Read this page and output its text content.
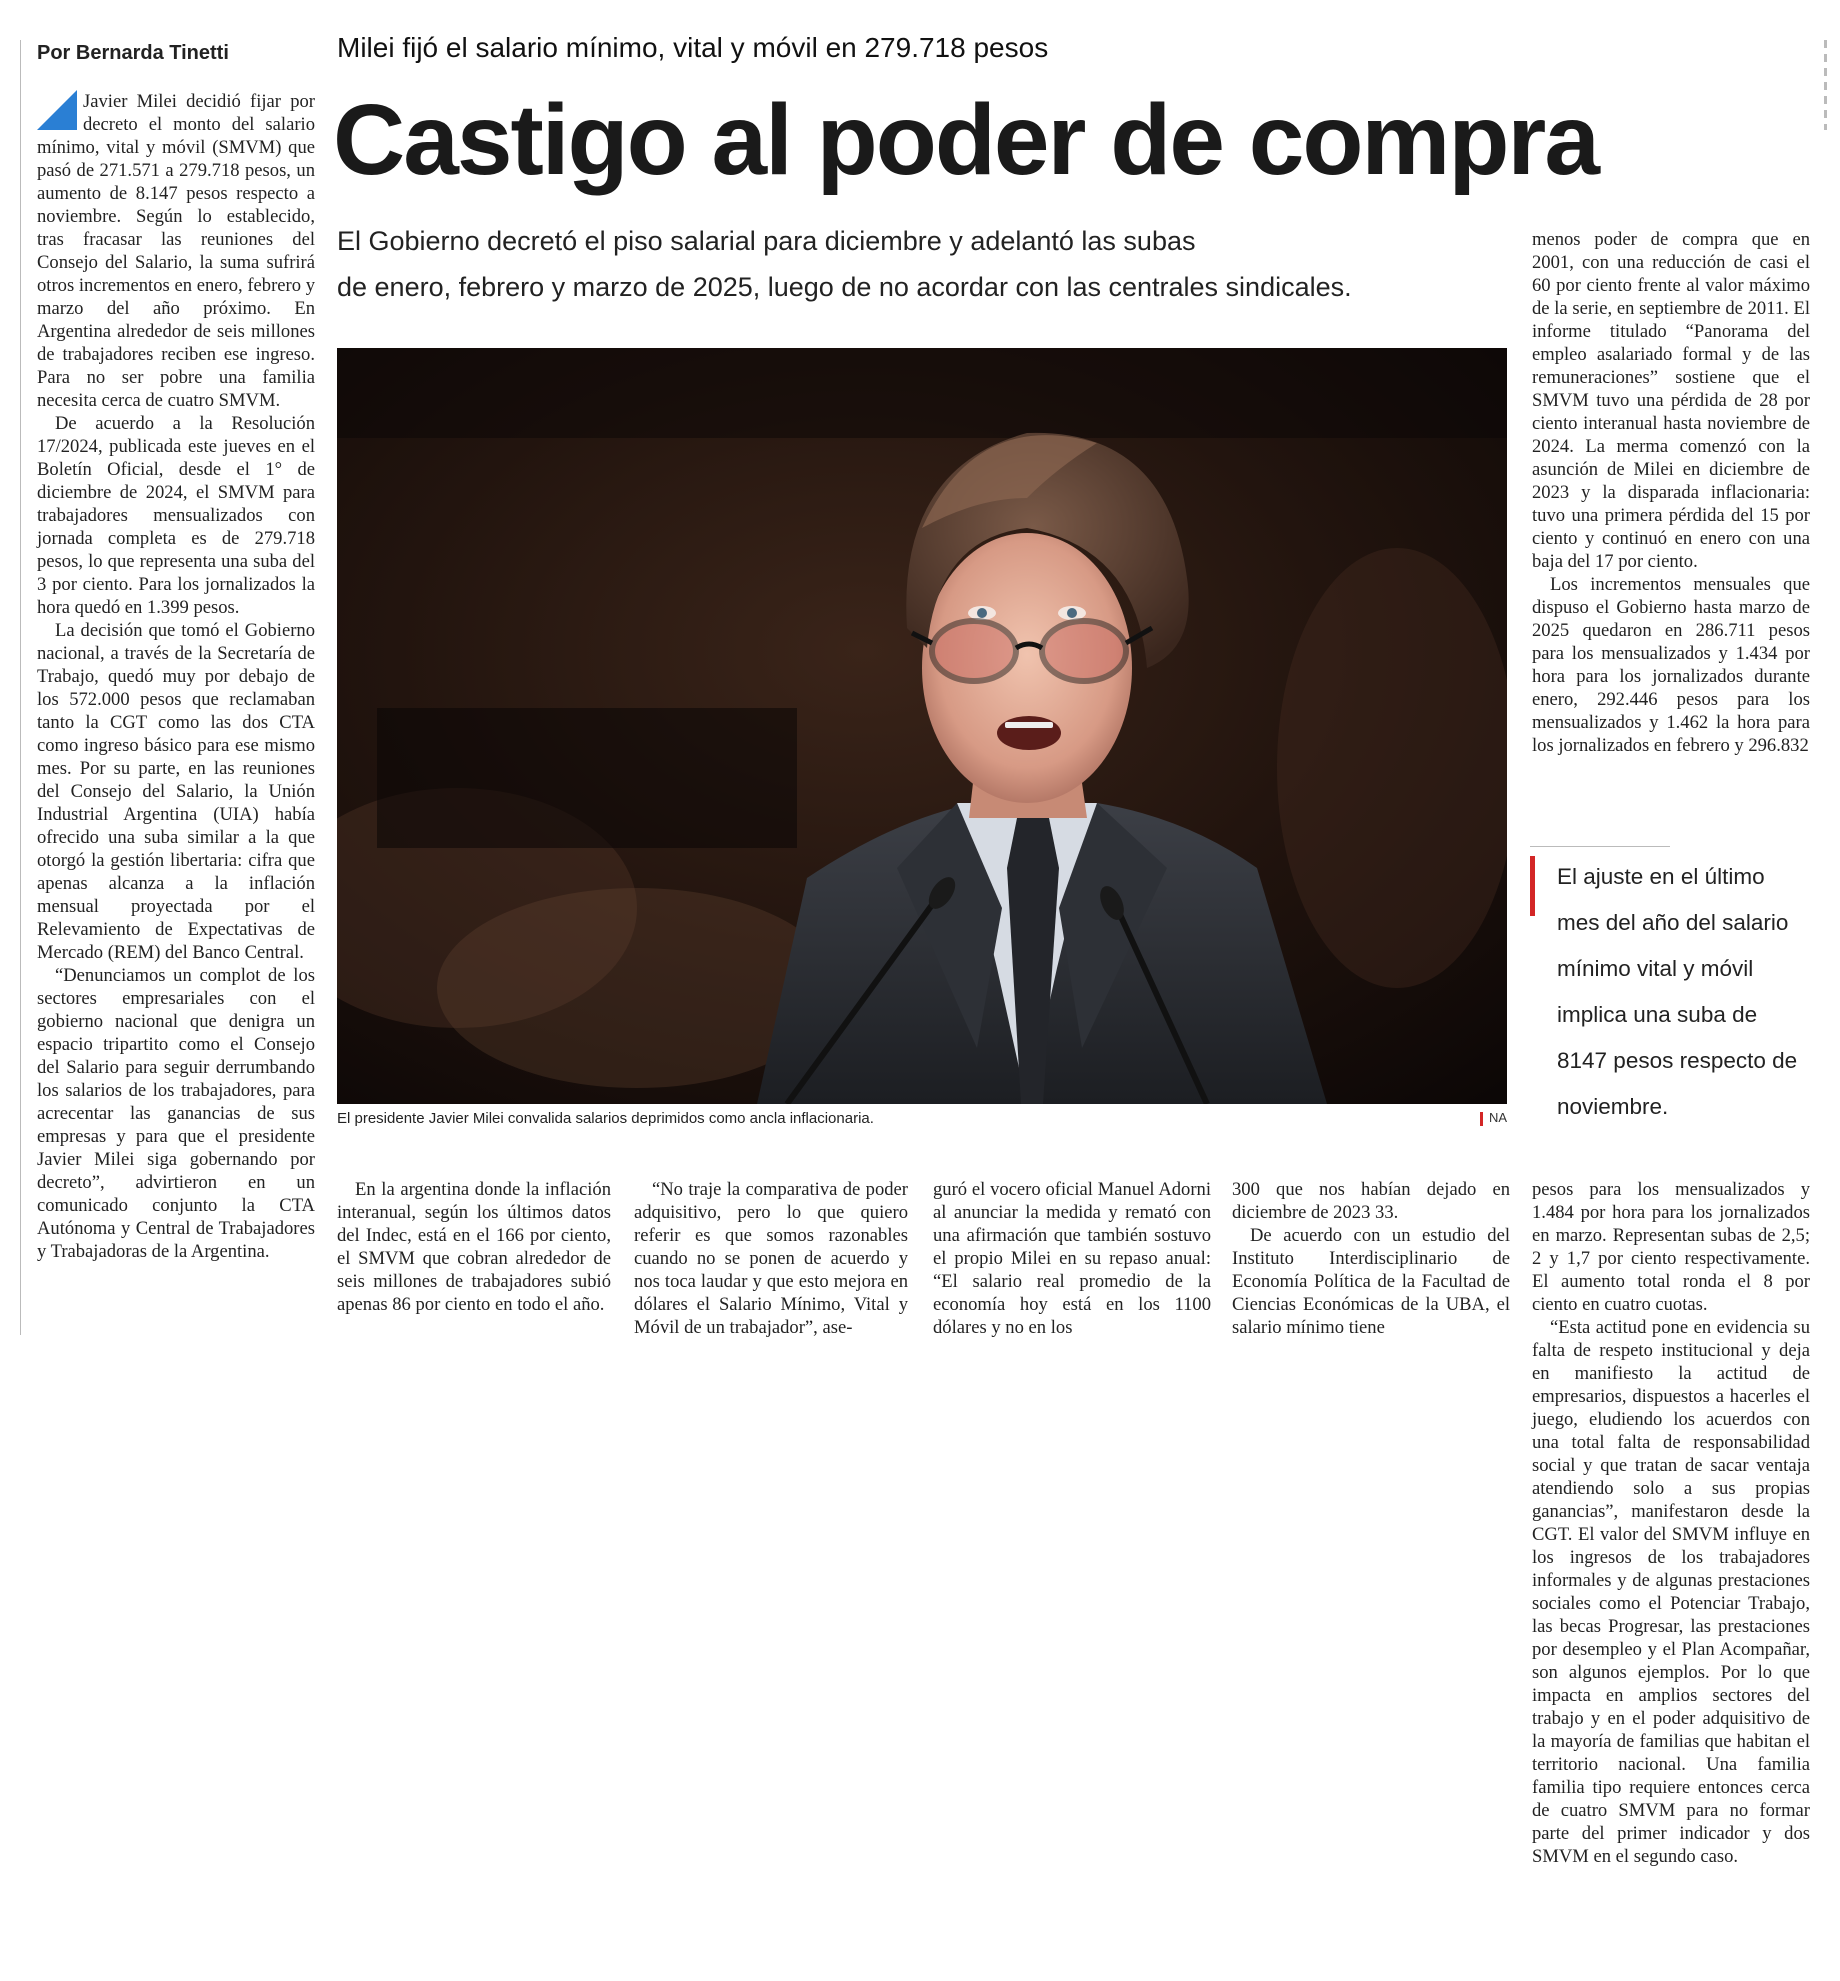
Por Bernarda Tinetti	Milei fijó el salario mínimo, vital y móvil en 279.718 pesos
Castigo al poder de compra
El Gobierno decretó el piso salarial para diciembre y adelantó las subas
de enero, febrero y marzo de 2025, luego de no acordar con las centrales sindicales.

Javier Milei decidió fijar por decreto el monto del salario mínimo, vital y móvil (SMVM) que pasó de 271.571 a 279.718 pesos, un aumento de 8.147 pesos respecto a noviembre. Según lo establecido, tras fracasar las reuniones del Consejo del Salario, la suma sufrirá otros incrementos en enero, febrero y marzo del año próximo. En Argentina alrededor de seis millones de trabajadores reciben ese ingreso. Para no ser pobre una familia necesita cerca de cuatro SMVM.

De acuerdo a la Resolución 17/2024, publicada este jueves en el Boletín Oficial, desde el 1° de diciembre de 2024, el SMVM para trabajadores mensualizados con jornada completa es de 279.718 pesos, lo que representa una suba del 3 por ciento. Para los jornalizados la hora quedó en 1.399 pesos.

La decisión que tomó el Gobierno nacional, a través de la Secretaría de Trabajo, quedó muy por debajo de los 572.000 pesos que reclamaban tanto la CGT como las dos CTA como ingreso básico para ese mismo mes. Por su parte, en las reuniones del Consejo del Salario, la Unión Industrial Argentina (UIA) había ofrecido una suba similar a la que otorgó la gestión libertaria: cifra que apenas alcanza a la inflación mensual proyectada por el Relevamiento de Expectativas de Mercado (REM) del Banco Central.

“Denunciamos un complot de los sectores empresariales con el gobierno nacional que denigra un espacio tripartito como el Consejo del Salario para seguir derrumbando los salarios de los trabajadores, para acrecentar las ganancias de sus empresas y para que el presidente Javier Milei siga gobernando por decreto”, advirtieron en un comunicado conjunto la CTA Autónoma y Central de Trabajadores y Trabajadoras de la Argentina.

El presidente Javier Milei convalida salarios deprimidos como ancla inflacionaria.	NA

menos poder de compra que en 2001, con una reducción de casi el 60 por ciento frente al valor máximo de la serie, en septiembre de 2011. El informe titulado “Panorama del empleo asalariado formal y de las remuneraciones” sostiene que el SMVM tuvo una pérdida de 28 por ciento interanual hasta noviembre de 2024. La merma comenzó con la asunción de Milei en diciembre de 2023 y la disparada inflacionaria: tuvo una primera pérdida del 15 por ciento y continuó en enero con una baja del 17 por ciento.

Los incrementos mensuales que dispuso el Gobierno hasta marzo de 2025 quedaron en 286.711 pesos para los mensualizados y 1.434 por hora para los jornalizados durante enero, 292.446 pesos para los mensualizados y 1.462 la hora para los jornalizados en febrero y 296.832

El ajuste en el último mes del año del salario mínimo vital y móvil implica una suba de 8147 pesos respecto de noviembre.

En la argentina donde la inflación interanual, según los últimos datos del Indec, está en el 166 por ciento, el SMVM que cobran alrededor de seis millones de trabajadores subió apenas 86 por ciento en todo el año.

“No traje la comparativa de poder adquisitivo, pero lo que quiero referir es que somos razonables cuando no se ponen de acuerdo y nos toca laudar y que esto mejora en dólares el Salario Mínimo, Vital y Móvil de un trabajador”, ase-

guró el vocero oficial Manuel Adorni al anunciar la medida y remató con una afirmación que también sostuvo el propio Milei en su repaso anual: “El salario real promedio de la economía hoy está en los 1100 dólares y no en los

300 que nos habían dejado en diciembre de 2023 33.

De acuerdo con un estudio del Instituto Interdisciplinario de Economía Política de la Facultad de Ciencias Económicas de la UBA, el salario mínimo tiene

pesos para los mensualizados y 1.484 por hora para los jornalizados en marzo. Representan subas de 2,5; 2 y 1,7 por ciento respectivamente. El aumento total ronda el 8 por ciento en cuatro cuotas.

“Esta actitud pone en evidencia su falta de respeto institucional y deja en manifiesto la actitud de empresarios, dispuestos a hacerles el juego, eludiendo los acuerdos con una total falta de responsabilidad social y que tratan de sacar ventaja atendiendo solo a sus propias ganancias”, manifestaron desde la CGT. El valor del SMVM influye en los ingresos de los trabajadores informales y de algunas prestaciones sociales como el Potenciar Trabajo, las becas Progresar, las prestaciones por desempleo y el Plan Acompañar, son algunos ejemplos. Por lo que impacta en amplios sectores del trabajo y en el poder adquisitivo de la mayoría de familias que habitan el territorio nacional. Una familia familia tipo requiere entonces cerca de cuatro SMVM para no formar parte del primer indicador y dos SMVM en el segundo caso.
